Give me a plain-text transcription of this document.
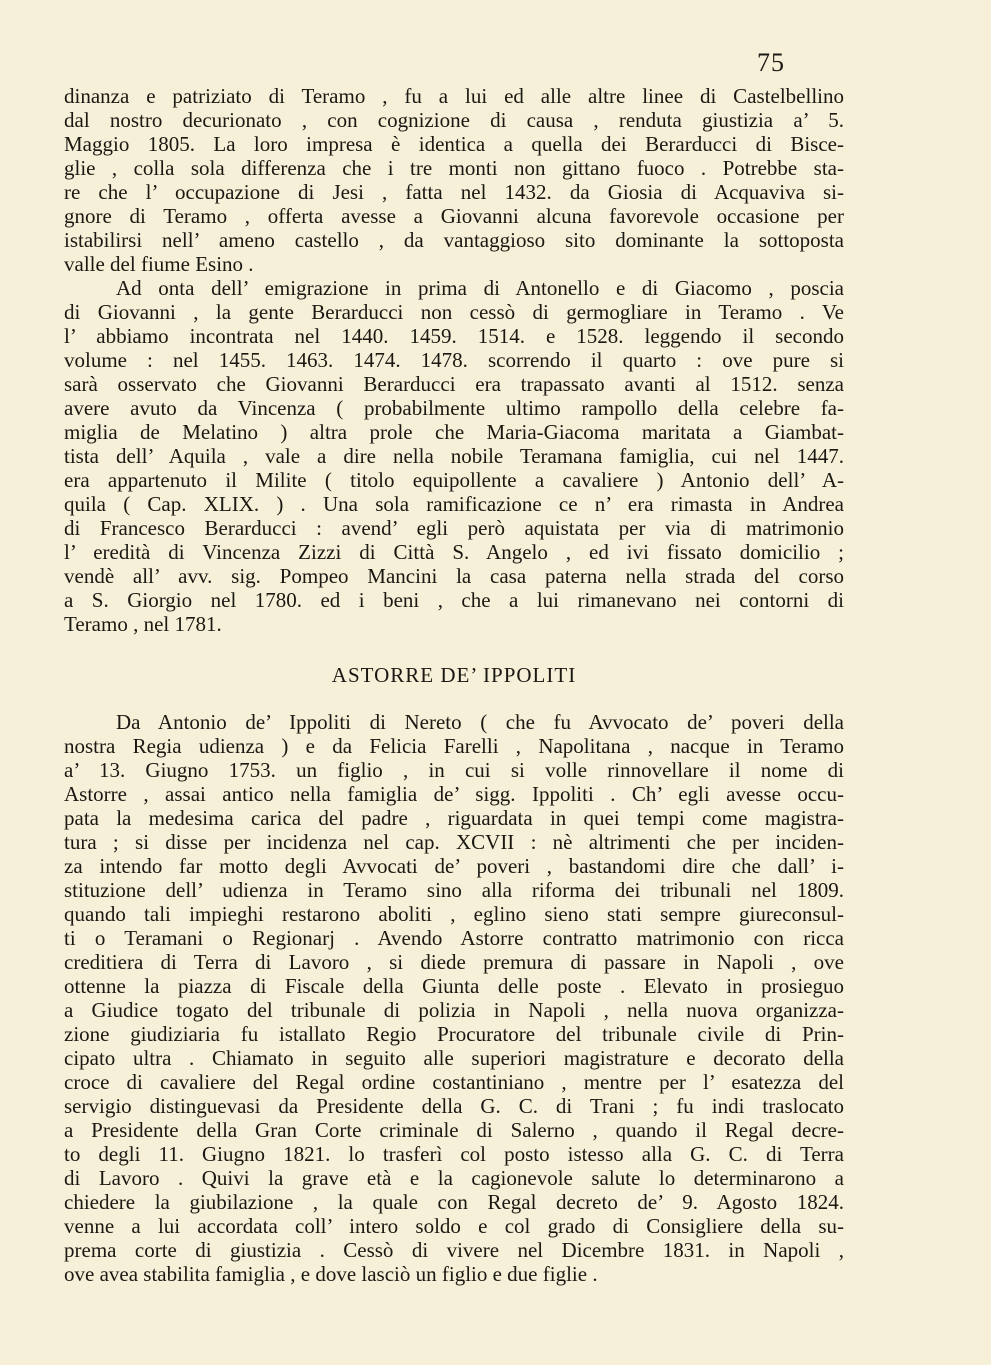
75
dinanza e patriziato di Teramo , fu a lui ed alle altre linee di Castelbellino
dal nostro decurionato , con cognizione di causa , renduta giustizia a’ 5.
Maggio 1805. La loro impresa è identica a quella dei Berarducci di Bisce-
glie , colla sola differenza che i tre monti non gittano fuoco . Potrebbe sta-
re che l’ occupazione di Jesi , fatta nel 1432. da Giosia di Acquaviva si-
gnore di Teramo , offerta avesse a Giovanni alcuna favorevole occasione per
istabilirsi nell’ ameno castello , da vantaggioso sito dominante la sottoposta
valle del fiume Esino .
Ad onta dell’ emigrazione in prima di Antonello e di Giacomo , poscia
di Giovanni , la gente Berarducci non cessò di germogliare in Teramo . Ve
l’ abbiamo incontrata nel 1440. 1459. 1514. e 1528. leggendo il secondo
volume : nel 1455. 1463. 1474. 1478. scorrendo il quarto : ove pure si
sarà osservato che Giovanni Berarducci era trapassato avanti al 1512. senza
avere avuto da Vincenza ( probabilmente ultimo rampollo della celebre fa-
miglia de Melatino ) altra prole che Maria-Giacoma maritata a Giambat-
tista dell’ Aquila , vale a dire nella nobile Teramana famiglia, cui nel 1447.
era appartenuto il Milite ( titolo equipollente a cavaliere ) Antonio dell’ A-
quila ( Cap. XLIX. ) . Una sola ramificazione ce n’ era rimasta in Andrea
di Francesco Berarducci : avend’ egli però aquistata per via di matrimonio
l’ eredità di Vincenza Zizzi di Città S. Angelo , ed ivi fissato domicilio ;
vendè all’ avv. sig. Pompeo Mancini la casa paterna nella strada del corso
a S. Giorgio nel 1780. ed i beni , che a lui rimanevano nei contorni di
Teramo , nel 1781.
ASTORRE DE’ IPPOLITI
Da Antonio de’ Ippoliti di Nereto ( che fu Avvocato de’ poveri della
nostra Regia udienza ) e da Felicia Farelli , Napolitana , nacque in Teramo
a’ 13. Giugno 1753. un figlio , in cui si volle rinnovellare il nome di
Astorre , assai antico nella famiglia de’ sigg. Ippoliti . Ch’ egli avesse occu-
pata la medesima carica del padre , riguardata in quei tempi come magistra-
tura ; si disse per incidenza nel cap. XCVII : nè altrimenti che per inciden-
za intendo far motto degli Avvocati de’ poveri , bastandomi dire che dall’ i-
stituzione dell’ udienza in Teramo sino alla riforma dei tribunali nel 1809.
quando tali impieghi restarono aboliti , eglino sieno stati sempre giureconsul-
ti o Teramani o Regionarj . Avendo Astorre contratto matrimonio con ricca
creditiera di Terra di Lavoro , si diede premura di passare in Napoli , ove
ottenne la piazza di Fiscale della Giunta delle poste . Elevato in prosieguo
a Giudice togato del tribunale di polizia in Napoli , nella nuova organizza-
zione giudiziaria fu istallato Regio Procuratore del tribunale civile di Prin-
cipato ultra . Chiamato in seguito alle superiori magistrature e decorato della
croce di cavaliere del Regal ordine costantiniano , mentre per l’ esatezza del
servigio distinguevasi da Presidente della G. C. di Trani ; fu indi traslocato
a Presidente della Gran Corte criminale di Salerno , quando il Regal decre-
to degli 11. Giugno 1821. lo trasferì col posto istesso alla G. C. di Terra
di Lavoro . Quivi la grave età e la cagionevole salute lo determinarono a
chiedere la giubilazione , la quale con Regal decreto de’ 9. Agosto 1824.
venne a lui accordata coll’ intero soldo e col grado di Consigliere della su-
prema corte di giustizia . Cessò di vivere nel Dicembre 1831. in Napoli ,
ove avea stabilita famiglia , e dove lasciò un figlio e due figlie .
